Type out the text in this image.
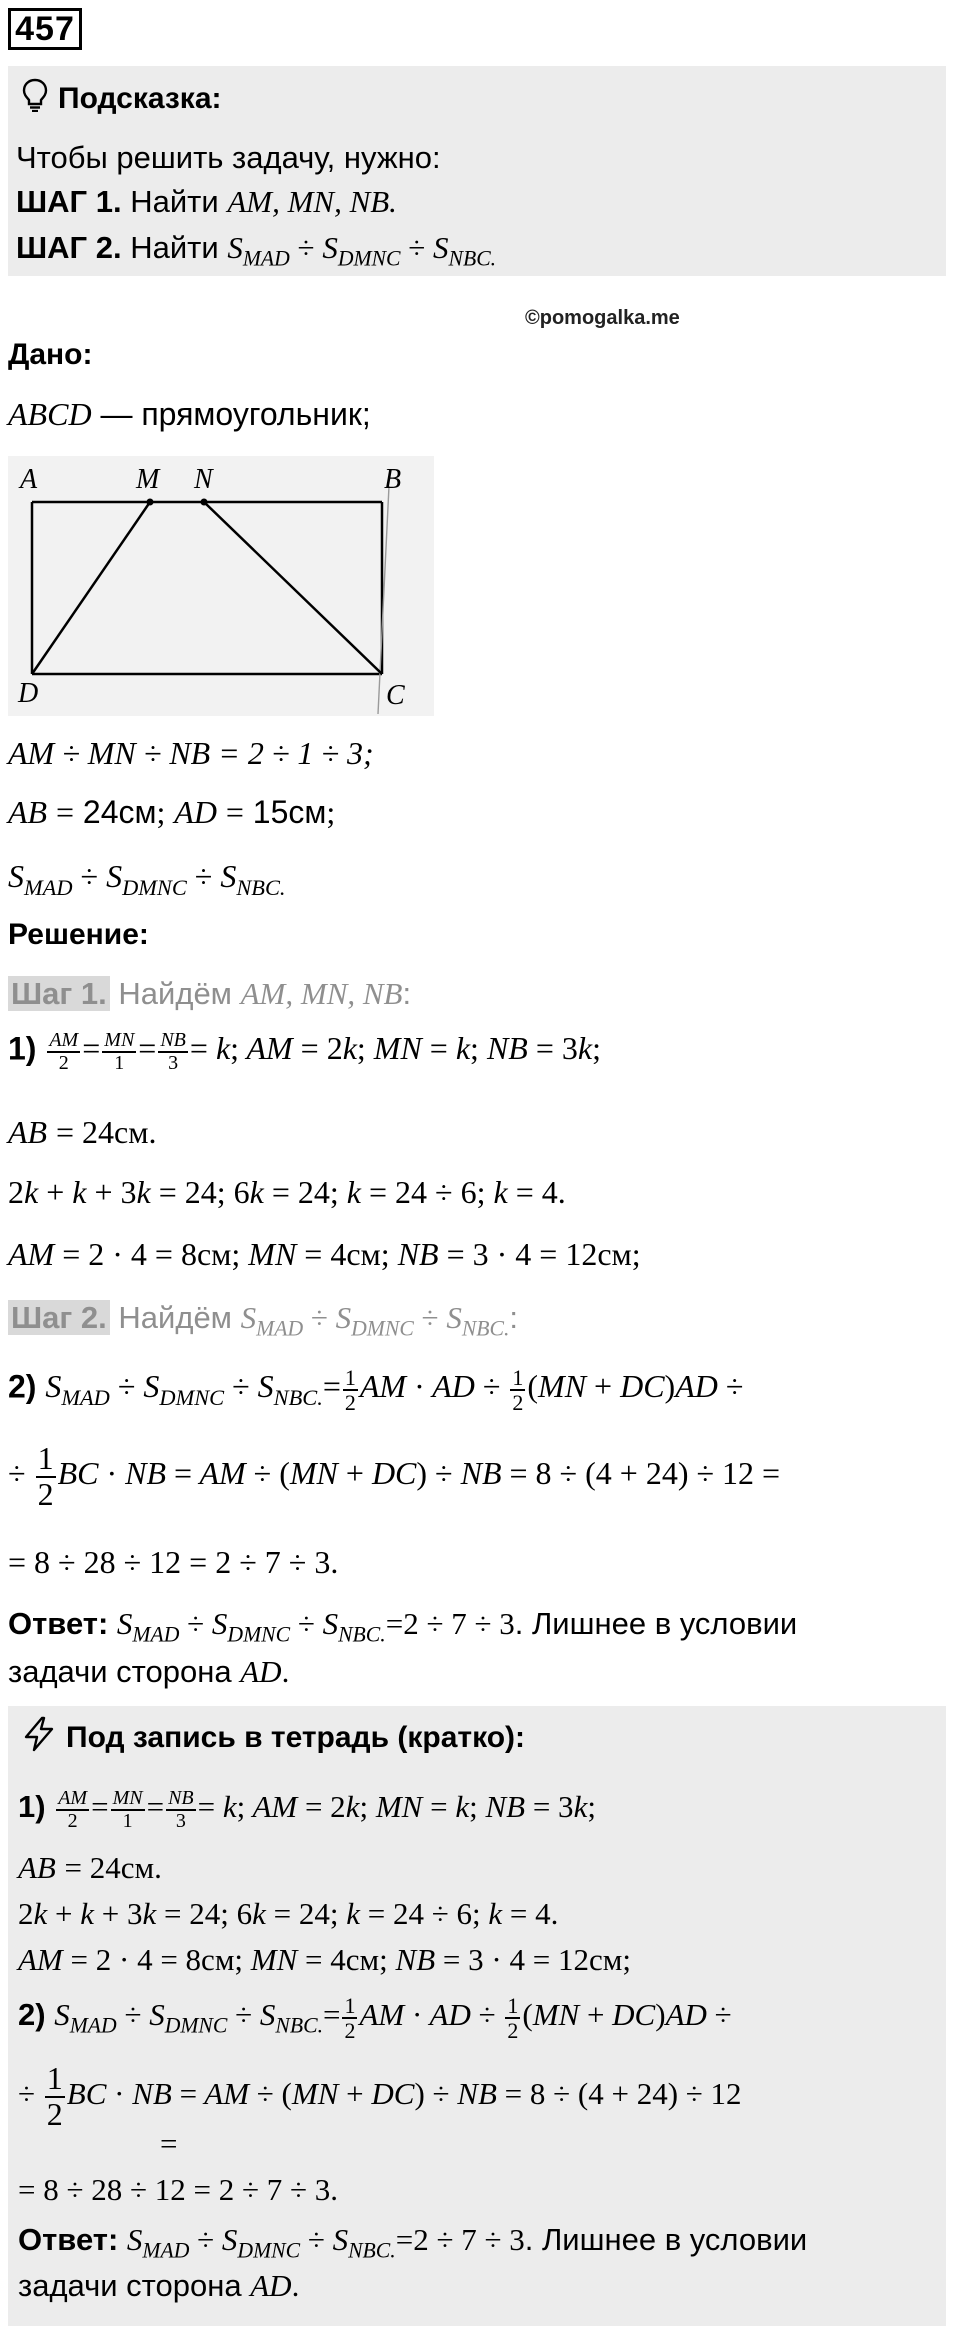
457
Подсказка:
Чтобы решить задачу, нужно:
ШАГ 1. Найти AM, MN, NB.
ШАГ 2. Найти $S_{MAD} \div S_{DMNC} \div S_{NBC.}$
©pomogalka.me
Дано:
ABCD — прямоугольник;
A	M N	B
D	C
AM ÷ MN ÷ NB = 2 ÷ 1 ÷ 3;
AB = 24см; AD = 15см;
$S_{MAD} \div S_{DMNC} \div S_{NBC.}$
Решение:
Шаг 1. Найдём AM, MN, NB:
$1) \frac{AM}{2} = \frac{MN}{1} = \frac{NB}{3} = k$; AM = 2k; MN = k; NB = 3k;
AB = 24см.
2k + k + 3k = 24; 6k = 24; k = 24 ÷ 6; k = 4.
AM = 2 · 4 = 8см; MN = 4см; NB = 3 · 4 = 12см;
Шаг 2. Найдём $S_{MAD} \div S_{DMNC} \div S_{NBC.}$:
2) $S_{MAD} \div S_{DMNC} \div S_{NBC.}= \frac{1}{2}$ AM · AD ÷ $\frac{1}{2} (MN + DC)AD$ ÷
÷ $\frac{1}{2}$ BC · NB = AM ÷ (MN + DC) ÷ NB = 8 ÷ (4 + 24) ÷ 12 =
= 8 ÷ 28 ÷ 12 = 2 ÷ 7 ÷ 3.
Ответ: $S_{MAD} \div S_{DMNC} \div S_{NBC.}=2 \div 7 \div 3$. Лишнее в условии
задачи сторона AD.
Под запись в тетрадь (кратко):
$1) \frac{AM}{2} = \frac{MN}{1} = \frac{NB}{3} = k$; AM = 2k; MN = k; NB = 3k;
AB = 24см.
2k + k + 3k = 24; 6k = 24; k = 24 ÷ 6; k = 4.
AM = 2 · 4 = 8см; MN = 4см; NB = 3 · 4 = 12см;
2) $S_{MAD} \div S_{DMNC} \div S_{NBC.}= \frac{1}{2}$ AM · AD ÷ $\frac{1}{2} (MN + DC)AD$ ÷
÷ $\frac{1}{2}$ BC · NB = AM ÷ (MN + DC) ÷ NB = 8 ÷ (4 + 24) ÷ 12
=
= 8 ÷ 28 ÷ 12 = 2 ÷ 7 ÷ 3.
Ответ: $S_{MAD} \div S_{DMNC} \div S_{NBC.}=2 \div 7 \div 3$. Лишнее в условии
задачи сторона AD.
